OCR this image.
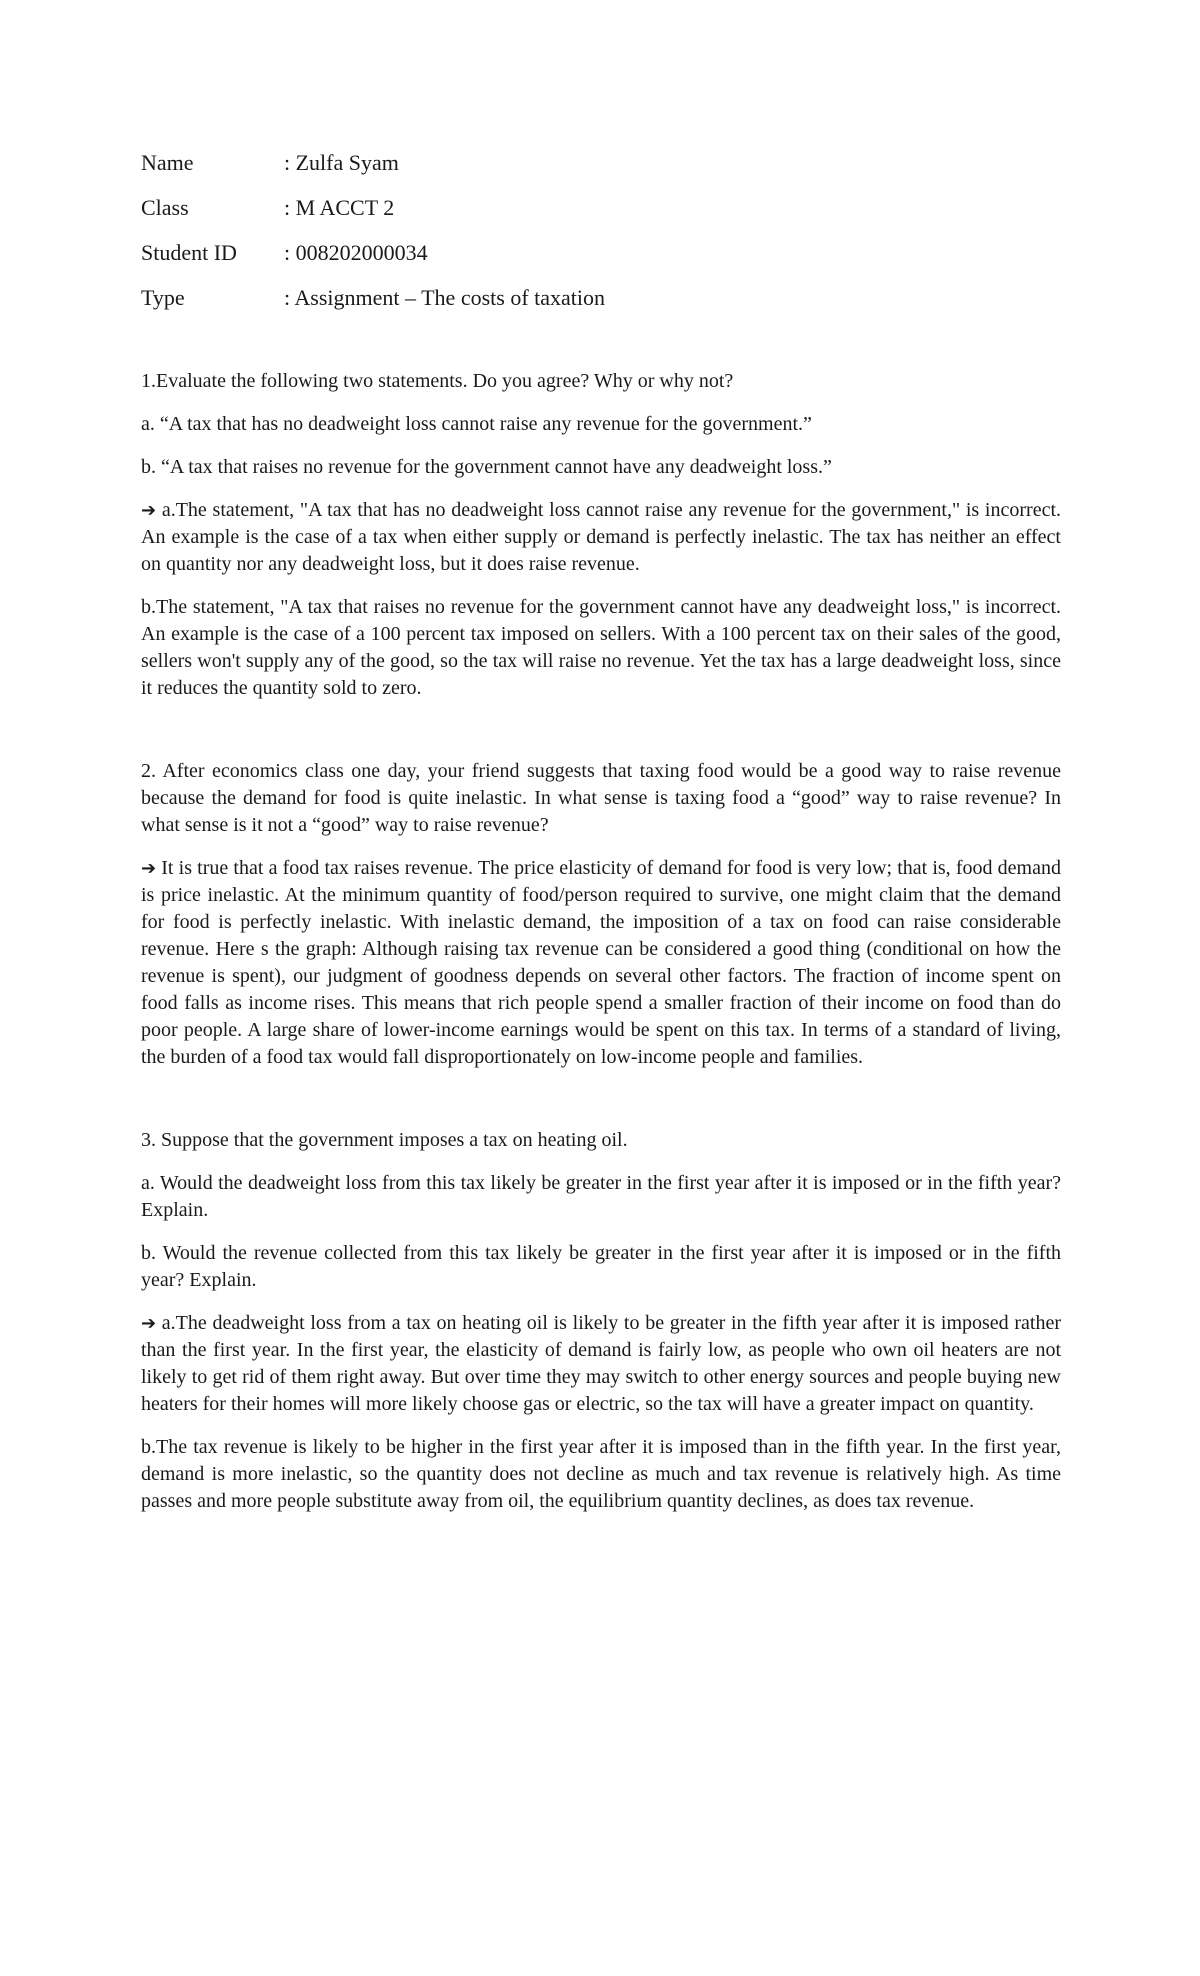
Name	: Zulfa Syam
Class	: M ACCT 2
Student ID	: 008202000034
Type	: Assignment – The costs of taxation

1.Evaluate the following two statements. Do you agree? Why or why not?

a. “A tax that has no deadweight loss cannot raise any revenue for the government.”

b. “A tax that raises no revenue for the government cannot have any deadweight loss.”

➔ a.The statement, "A tax that has no deadweight loss cannot raise any revenue for the government," is incorrect. An example is the case of a tax when either supply or demand is perfectly inelastic. The tax has neither an effect on quantity nor any deadweight loss, but it does raise revenue.

b.The statement, "A tax that raises no revenue for the government cannot have any deadweight loss," is incorrect. An example is the case of a 100 percent tax imposed on sellers. With a 100 percent tax on their sales of the good, sellers won't supply any of the good, so the tax will raise no revenue. Yet the tax has a large deadweight loss, since it reduces the quantity sold to zero.

2. After economics class one day, your friend suggests that taxing food would be a good way to raise revenue because the demand for food is quite inelastic. In what sense is taxing food a “good” way to raise revenue? In what sense is it not a “good” way to raise revenue?

➔ It is true that a food tax raises revenue. The price elasticity of demand for food is very low; that is, food demand is price inelastic. At the minimum quantity of food/person required to survive, one might claim that the demand for food is perfectly inelastic. With inelastic demand, the imposition of a tax on food can raise considerable revenue. Here s the graph: Although raising tax revenue can be considered a good thing (conditional on how the revenue is spent), our judgment of goodness depends on several other factors. The fraction of income spent on food falls as income rises. This means that rich people spend a smaller fraction of their income on food than do poor people. A large share of lower-income earnings would be spent on this tax. In terms of a standard of living, the burden of a food tax would fall disproportionately on low-income people and families.

3. Suppose that the government imposes a tax on heating oil.

a. Would the deadweight loss from this tax likely be greater in the first year after it is imposed or in the fifth year? Explain.

b. Would the revenue collected from this tax likely be greater in the first year after it is imposed or in the fifth year? Explain.

➔ a.The deadweight loss from a tax on heating oil is likely to be greater in the fifth year after it is imposed rather than the first year. In the first year, the elasticity of demand is fairly low, as people who own oil heaters are not likely to get rid of them right away. But over time they may switch to other energy sources and people buying new heaters for their homes will more likely choose gas or electric, so the tax will have a greater impact on quantity.

b.The tax revenue is likely to be higher in the first year after it is imposed than in the fifth year. In the first year, demand is more inelastic, so the quantity does not decline as much and tax revenue is relatively high. As time passes and more people substitute away from oil, the equilibrium quantity declines, as does tax revenue.
